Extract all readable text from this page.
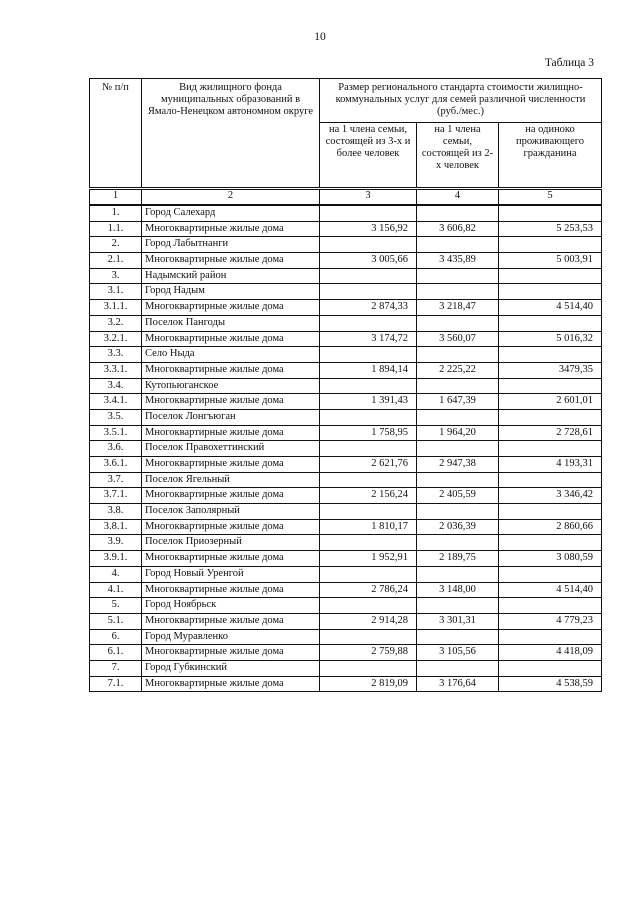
10
Таблица 3
№ п/п	Вид жилищного фонда муниципальных образований в Ямало-Ненецком автономном округе	Размер регионального стандарта стоимости жилищно-коммунальных услуг для семей различной численности (руб./мес.)		
		на 1 члена семьи, состоящей из 3-х и более человек	на 1 члена семьи, состоящей из 2-х человек	на одиноко проживающего гражданина
1	2	3	4	5
1.	Город Салехард			
1.1.	Многоквартирные жилые дома	3 156,92	3 606,82	5 253,53
2.	Город Лабытнанги			
2.1.	Многоквартирные жилые дома	3 005,66	3 435,89	5 003,91
3.	Надымский район			
3.1.	Город Надым			
3.1.1.	Многоквартирные жилые дома	2 874,33	3 218,47	4 514,40
3.2.	Поселок Пангоды			
3.2.1.	Многоквартирные жилые дома	3 174,72	3 560,07	5 016,32
3.3.	Село Ныда			
3.3.1.	Многоквартирные жилые дома	1 894,14	2 225,22	3479,35
3.4.	Кутопьюганское			
3.4.1.	Многоквартирные жилые дома	1 391,43	1 647,39	2 601,01
3.5.	Поселок Лонгъюган			
3.5.1.	Многоквартирные жилые дома	1 758,95	1 964,20	2 728,61
3.6.	Поселок Правохеттинский			
3.6.1.	Многоквартирные жилые дома	2 621,76	2 947,38	4 193,31
3.7.	Поселок Ягельный			
3.7.1.	Многоквартирные жилые дома	2 156,24	2 405,59	3 346,42
3.8.	Поселок Заполярный			
3.8.1.	Многоквартирные жилые дома	1 810,17	2 036,39	2 860,66
3.9.	Поселок Приозерный			
3.9.1.	Многоквартирные жилые дома	1 952,91	2 189,75	3 080,59
4.	Город Новый Уренгой			
4.1.	Многоквартирные жилые дома	2 786,24	3 148,00	4 514,40
5.	Город Ноябрьск			
5.1.	Многоквартирные жилые дома	2 914,28	3 301,31	4 779,23
6.	Город Муравленко			
6.1.	Многоквартирные жилые дома	2 759,88	3 105,56	4 418,09
7.	Город Губкинский			
7.1.	Многоквартирные жилые дома	2 819,09	3 176,64	4 538,59
